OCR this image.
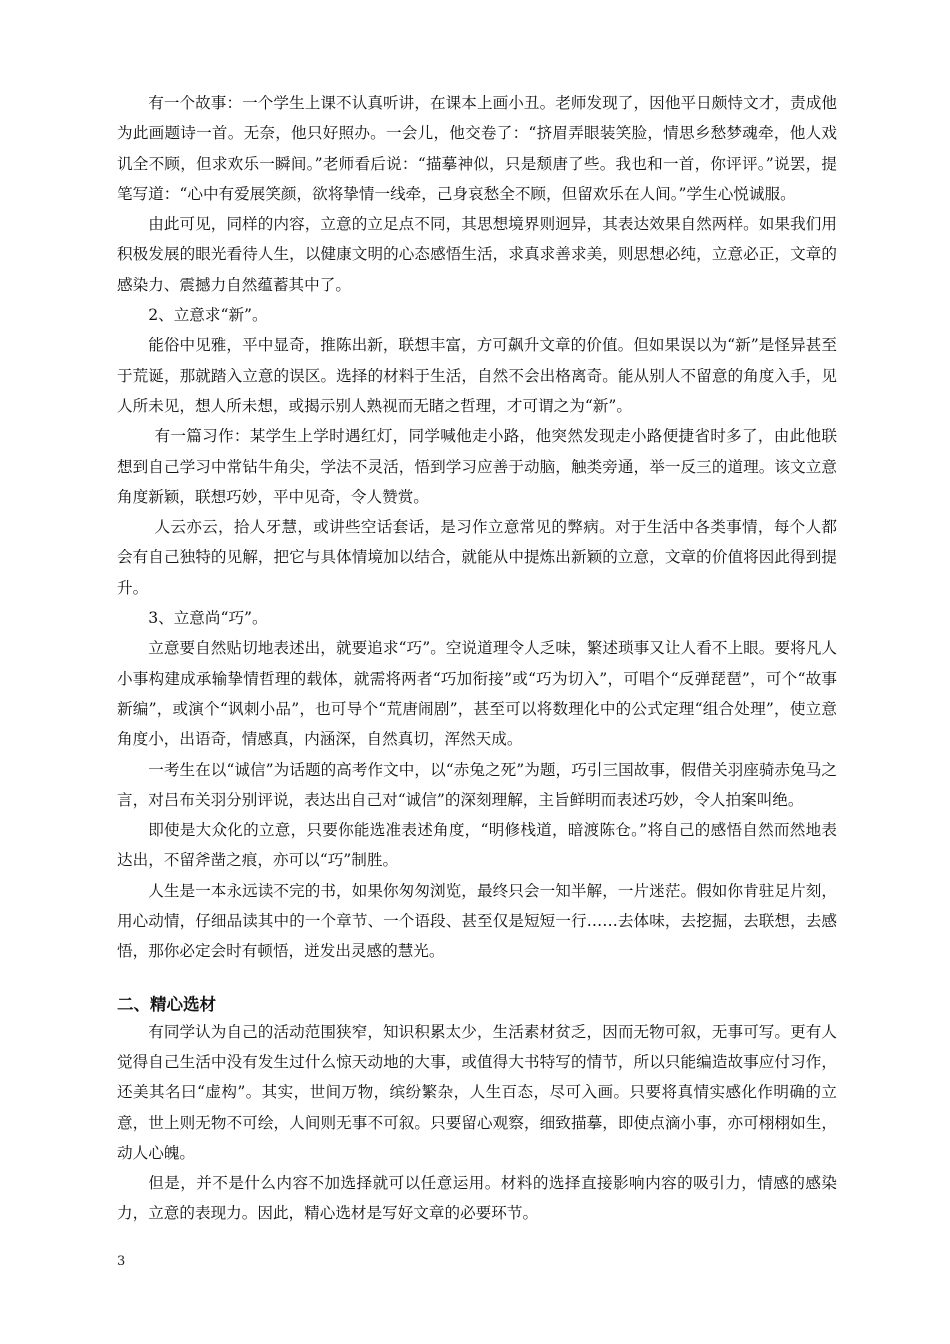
有一个故事：一个学生上课不认真听讲，在课本上画小丑。老师发现了，因他平日颇恃文才，责成他为此画题诗一首。无奈，他只好照办。一会儿，他交卷了：“挤眉弄眼装笑脸，情思乡愁梦魂牵，他人戏讥全不顾，但求欢乐一瞬间。”老师看后说：“描摹神似，只是颓唐了些。我也和一首，你评评。”说罢，提笔写道：“心中有爱展笑颜，欲将挚情一线牵，己身哀愁全不顾，但留欢乐在人间。”学生心悦诚服。

由此可见，同样的内容，立意的立足点不同，其思想境界则迥异，其表达效果自然两样。如果我们用积极发展的眼光看待人生，以健康文明的心态感悟生活，求真求善求美，则思想必纯，立意必正，文章的感染力、震撼力自然蕴蓄其中了。

2、立意求“新”。

能俗中见雅，平中显奇，推陈出新，联想丰富，方可飙升文章的价值。但如果误以为“新”是怪异甚至于荒诞，那就踏入立意的误区。选择的材料于生活，自然不会出格离奇。能从别人不留意的角度入手，见人所未见，想人所未想，或揭示别人熟视而无睹之哲理，才可谓之为“新”。

有一篇习作：某学生上学时遇红灯，同学喊他走小路，他突然发现走小路便捷省时多了，由此他联想到自己学习中常钻牛角尖，学法不灵活，悟到学习应善于动脑，触类旁通，举一反三的道理。该文立意角度新颖，联想巧妙，平中见奇，令人赞赏。

人云亦云，拾人牙慧，或讲些空话套话，是习作立意常见的弊病。对于生活中各类事情，每个人都会有自己独特的见解，把它与具体情境加以结合，就能从中提炼出新颖的立意，文章的价值将因此得到提升。

3、立意尚“巧”。

立意要自然贴切地表述出，就要追求“巧”。空说道理令人乏味，繁述琐事又让人看不上眼。要将凡人小事构建成承输挚情哲理的载体，就需将两者“巧加衔接”或“巧为切入”，可唱个“反弹琵琶”，可个“故事新编”，或演个“讽刺小品”，也可导个“荒唐闹剧”，甚至可以将数理化中的公式定理“组合处理”，使立意角度小，出语奇，情感真，内涵深，自然真切，浑然天成。

一考生在以“诚信”为话题的高考作文中，以“赤兔之死”为题，巧引三国故事，假借关羽座骑赤兔马之言，对吕布关羽分别评说，表达出自己对“诚信”的深刻理解，主旨鲜明而表述巧妙，令人拍案叫绝。

即使是大众化的立意，只要你能选准表述角度，“明修栈道，暗渡陈仓。”将自己的感悟自然而然地表达出，不留斧凿之痕，亦可以“巧”制胜。

人生是一本永远读不完的书，如果你匆匆浏览，最终只会一知半解，一片迷茫。假如你肯驻足片刻，用心动情，仔细品读其中的一个章节、一个语段、甚至仅是短短一行……去体味，去挖掘，去联想，去感悟，那你必定会时有顿悟，迸发出灵感的慧光。

二、精心选材

有同学认为自己的活动范围狭窄，知识积累太少，生活素材贫乏，因而无物可叙，无事可写。更有人觉得自己生活中没有发生过什么惊天动地的大事，或值得大书特写的情节，所以只能编造故事应付习作，还美其名曰“虚构”。其实，世间万物，缤纷繁杂，人生百态，尽可入画。只要将真情实感化作明确的立意，世上则无物不可绘，人间则无事不可叙。只要留心观察，细致描摹，即使点滴小事，亦可栩栩如生，动人心魄。

但是，并不是什么内容不加选择就可以任意运用。材料的选择直接影响内容的吸引力，情感的感染力，立意的表现力。因此，精心选材是写好文章的必要环节。

3
